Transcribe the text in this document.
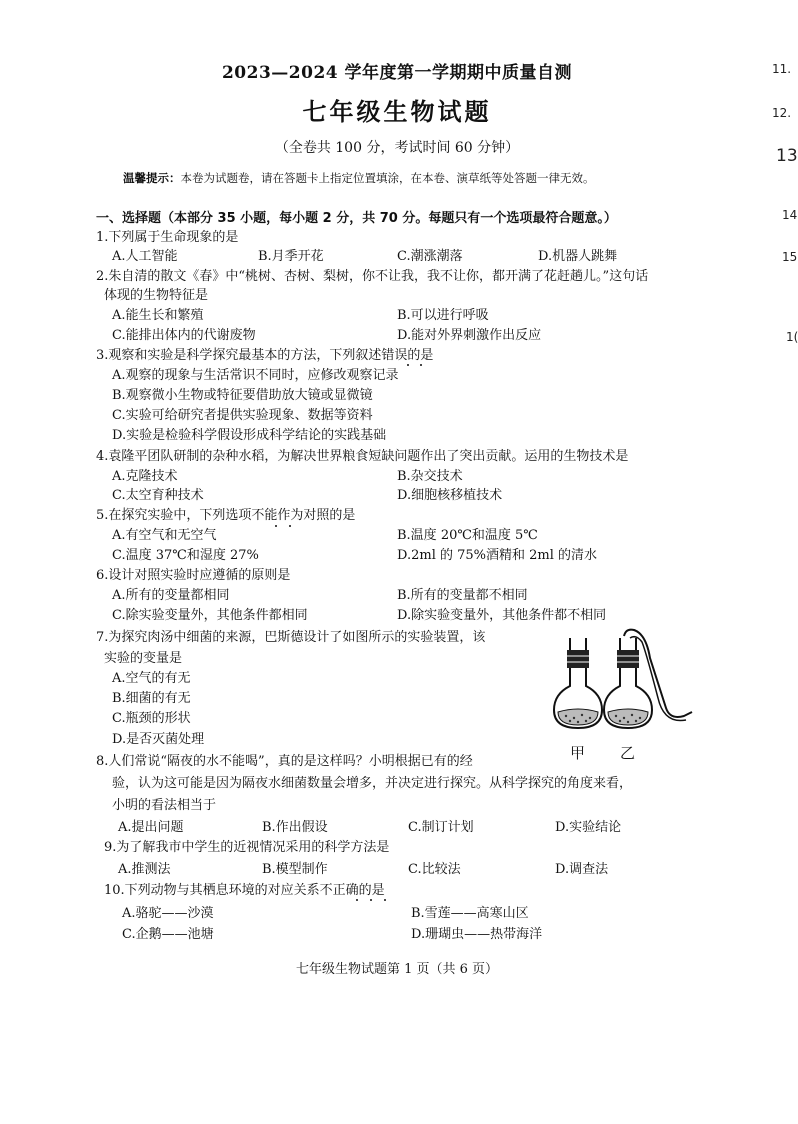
2023—2024 学年度第一学期期中质量自测
七年级生物试题
（全卷共 100 分，考试时间 60 分钟）
温馨提示：本卷为试题卷，请在答题卡上指定位置填涂，在本卷、演草纸等处答题一律无效。
一、选择题（本部分 35 小题，每小题 2 分，共 70 分。每题只有一个选项最符合题意。）
1.下列属于生命现象的是
A.人工智能	B.月季开花	C.潮涨潮落	D.机器人跳舞
2.朱自清的散文《春》中“桃树、杏树、梨树，你不让我，我不让你，都开满了花赶趟儿。”这句话
体现的生物特征是
A.能生长和繁殖	B.可以进行呼吸
C.能排出体内的代谢废物	D.能对外界刺激作出反应
3.观察和实验是科学探究最基本的方法，下列叙述错误的是
A.观察的现象与生活常识不同时，应修改观察记录
B.观察微小生物或特征要借助放大镜或显微镜
C.实验可给研究者提供实验现象、数据等资料
D.实验是检验科学假设形成科学结论的实践基础
4.袁隆平团队研制的杂种水稻，为解决世界粮食短缺问题作出了突出贡献。运用的生物技术是
A.克隆技术	B.杂交技术
C.太空育种技术	D.细胞核移植技术
5.在探究实验中，下列选项不能作为对照的是
A.有空气和无空气	B.温度 20℃和温度 5℃
C.温度 37℃和湿度 27%	D.2ml 的 75%酒精和 2ml 的清水
6.设计对照实验时应遵循的原则是
A.所有的变量都相同	B.所有的变量都不相同
C.除实验变量外，其他条件都相同	D.除实验变量外，其他条件都不相同
7.为探究肉汤中细菌的来源，巴斯德设计了如图所示的实验装置，该
实验的变量是
A.空气的有无
B.细菌的有无
C.瓶颈的形状
D.是否灭菌处理
甲 乙
8.人们常说“隔夜的水不能喝”，真的是这样吗？小明根据已有的经
验，认为这可能是因为隔夜水细菌数量会增多，并决定进行探究。从科学探究的角度来看，
小明的看法相当于
A.提出问题	B.作出假设	C.制订计划	D.实验结论
9.为了解我市中学生的近视情况采用的科学方法是
A.推测法	B.模型制作	C.比较法	D.调查法
10.下列动物与其栖息环境的对应关系不正确的是
A.骆驼——沙漠	B.雪莲——高寒山区
C.企鹅——池塘	D.珊瑚虫——热带海洋
七年级生物试题第 1 页（共 6 页）
11.
12.
13
14
15
1(
